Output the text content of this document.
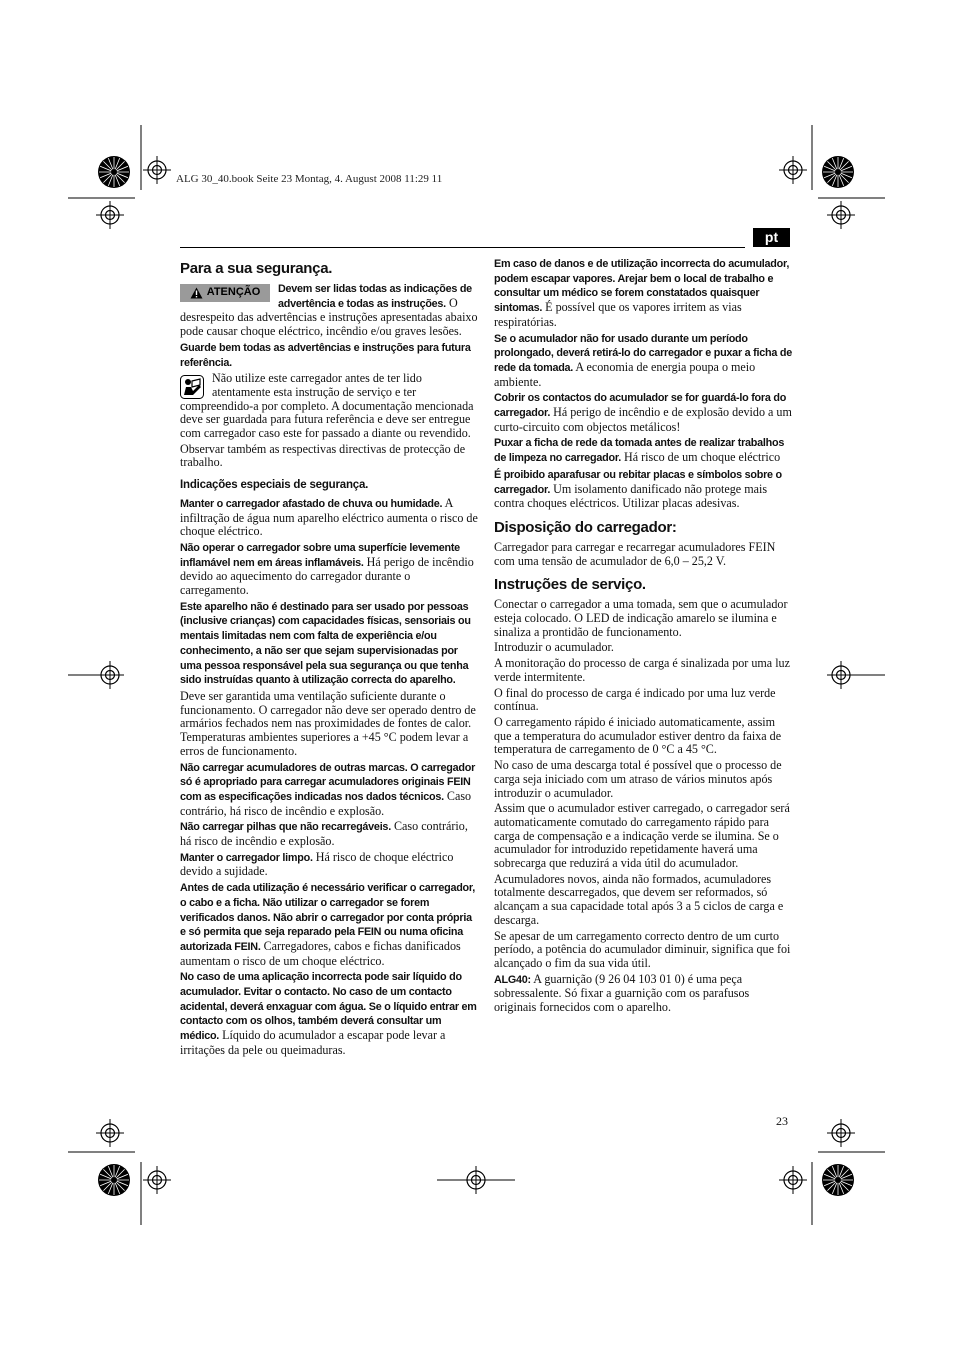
ALG 30_40.book Seite 23 Montag, 4. August 2008 11:29 11
pt
Para a sua segurança.
ATENÇÃO	Devem ser lidas todas as indicações de advertência e todas as instruções. O desrespeito das advertências e instruções apresentadas abaixo pode causar choque eléctrico, incêndio e/ou graves lesões.

Guarde bem todas as advertências e instruções para futura referência.

Não utilize este carregador antes de ter lido atentamente esta instrução de serviço e ter compreendido-a por completo. A documentação mencionada deve ser guardada para futura referência e deve ser entregue com carregador caso este for passado a diante ou revendido.

Observar também as respectivas directivas de protecção de trabalho.

Indicações especiais de segurança.

Manter o carregador afastado de chuva ou humidade. A infiltração de água num aparelho eléctrico aumenta o risco de choque eléctrico.

Não operar o carregador sobre uma superfície levemente inflamável nem em áreas inflamáveis. Há perigo de incêndio devido ao aquecimento do carregador durante o carregamento.

Este aparelho não é destinado para ser usado por pessoas (inclusive crianças) com capacidades físicas, sensoriais ou mentais limitadas nem com falta de experiência e/ou conhecimento, a não ser que sejam supervisionadas por uma pessoa responsável pela sua segurança ou que tenha sido instruídas quanto à utilização correcta do aparelho.

Deve ser garantida uma ventilação suficiente durante o funcionamento. O carregador não deve ser operado dentro de armários fechados nem nas proximidades de fontes de calor. Temperaturas ambientes superiores a +45 °C podem levar a erros de funcionamento.

Não carregar acumuladores de outras marcas. O carregador só é apropriado para carregar acumuladores originais FEIN com as especificações indicadas nos dados técnicos. Caso contrário, há risco de incêndio e explosão.

Não carregar pilhas que não recarregáveis. Caso contrário, há risco de incêndio e explosão.

Manter o carregador limpo. Há risco de choque eléctrico devido a sujidade.

Antes de cada utilização é necessário verificar o carregador, o cabo e a ficha. Não utilizar o carregador se forem verificados danos. Não abrir o carregador por conta própria e só permita que seja reparado pela FEIN ou numa oficina autorizada FEIN. Carregadores, cabos e fichas danificados aumentam o risco de um choque eléctrico.

No caso de uma aplicação incorrecta pode sair líquido do acumulador. Evitar o contacto. No caso de um contacto acidental, deverá enxaguar com água. Se o líquido entrar em contacto com os olhos, também deverá consultar um médico. Líquido do acumulador a escapar pode levar a irritações da pele ou queimaduras.

Em caso de danos e de utilização incorrecta do acumulador, podem escapar vapores. Arejar bem o local de trabalho e consultar um médico se forem constatados quaisquer sintomas. É possível que os vapores irritem as vias respiratórias.

Se o acumulador não for usado durante um período prolongado, deverá retirá-lo do carregador e puxar a ficha de rede da tomada. A economia de energia poupa o meio ambiente.

Cobrir os contactos do acumulador se for guardá-lo fora do carregador. Há perigo de incêndio e de explosão devido a um curto-circuito com objectos metálicos!

Puxar a ficha de rede da tomada antes de realizar trabalhos de limpeza no carregador. Há risco de um choque eléctrico

É proibido aparafusar ou rebitar placas e símbolos sobre o carregador. Um isolamento danificado não protege mais contra choques eléctricos. Utilizar placas adesivas.

Disposição do carregador:

Carregador para carregar e recarregar acumuladores FEIN com uma tensão de acumulador de 6,0 – 25,2 V.

Instruções de serviço.

Conectar o carregador a uma tomada, sem que o acumulador esteja colocado. O LED de indicação amarelo se ilumina e sinaliza a prontidão de funcionamento.

Introduzir o acumulador.

A monitoração do processo de carga é sinalizada por uma luz verde intermitente.

O final do processo de carga é indicado por uma luz verde contínua.

O carregamento rápido é iniciado automaticamente, assim que a temperatura do acumulador estiver dentro da faixa de temperatura de carregamento de 0 °C a 45 °C.

No caso de uma descarga total é possível que o processo de carga seja iniciado com um atraso de vários minutos após introduzir o acumulador.

Assim que o acumulador estiver carregado, o carregador será automaticamente comutado do carregamento rápido para carga de compensação e a indicação verde se ilumina. Se o acumulador for introduzido repetidamente haverá uma sobrecarga que reduzirá a vida útil do acumulador.

Acumuladores novos, ainda não formados, acumuladores totalmente descarregados, que devem ser reformados, só alcançam a sua capacidade total após 3 a 5 ciclos de carga e descarga.

Se apesar de um carregamento correcto dentro de um curto período, a potência do acumulador diminuir, significa que foi alcançado o fim da sua vida útil.

ALG40: A guarnição (9 26 04 103 01 0) é uma peça sobressalente. Só fixar a guarnição com os parafusos originais fornecidos com o aparelho.

23
